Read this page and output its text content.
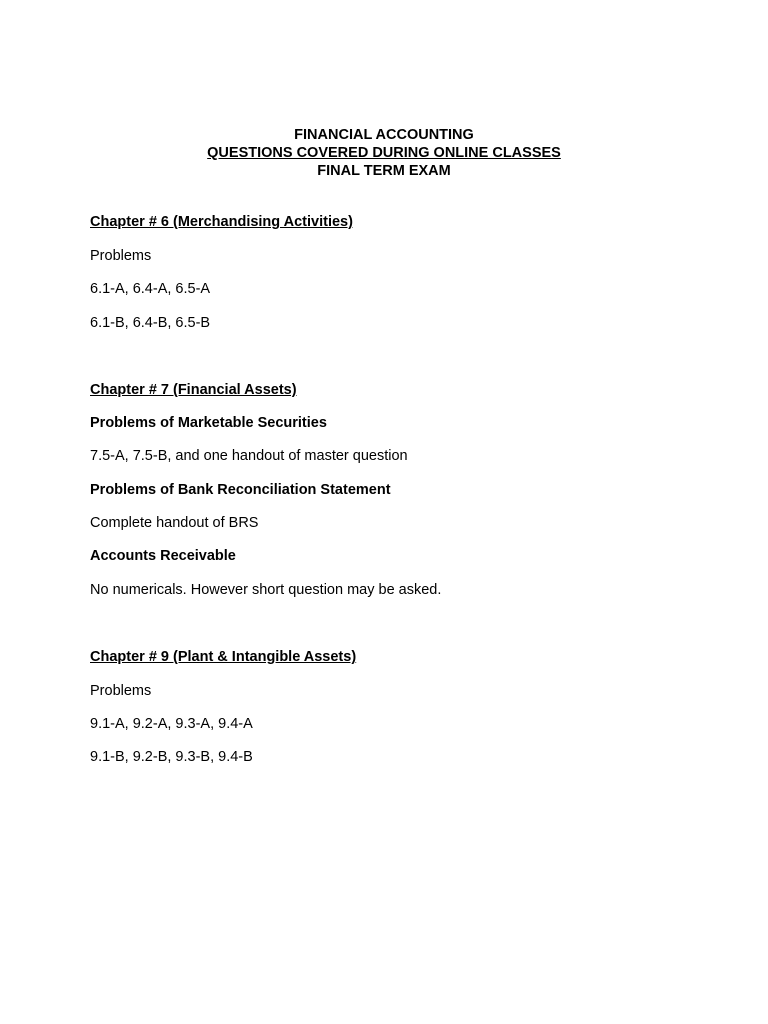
FINANCIAL ACCOUNTING
QUESTIONS COVERED DURING ONLINE CLASSES
FINAL TERM EXAM
Chapter # 6 (Merchandising Activities)
Problems
6.1-A, 6.4-A, 6.5-A
6.1-B, 6.4-B, 6.5-B
Chapter # 7 (Financial Assets)
Problems of Marketable Securities
7.5-A, 7.5-B, and one handout of master question
Problems of Bank Reconciliation Statement
Complete handout of BRS
Accounts Receivable
No numericals. However short question may be asked.
Chapter # 9 (Plant & Intangible Assets)
Problems
9.1-A, 9.2-A, 9.3-A, 9.4-A
9.1-B, 9.2-B, 9.3-B, 9.4-B
